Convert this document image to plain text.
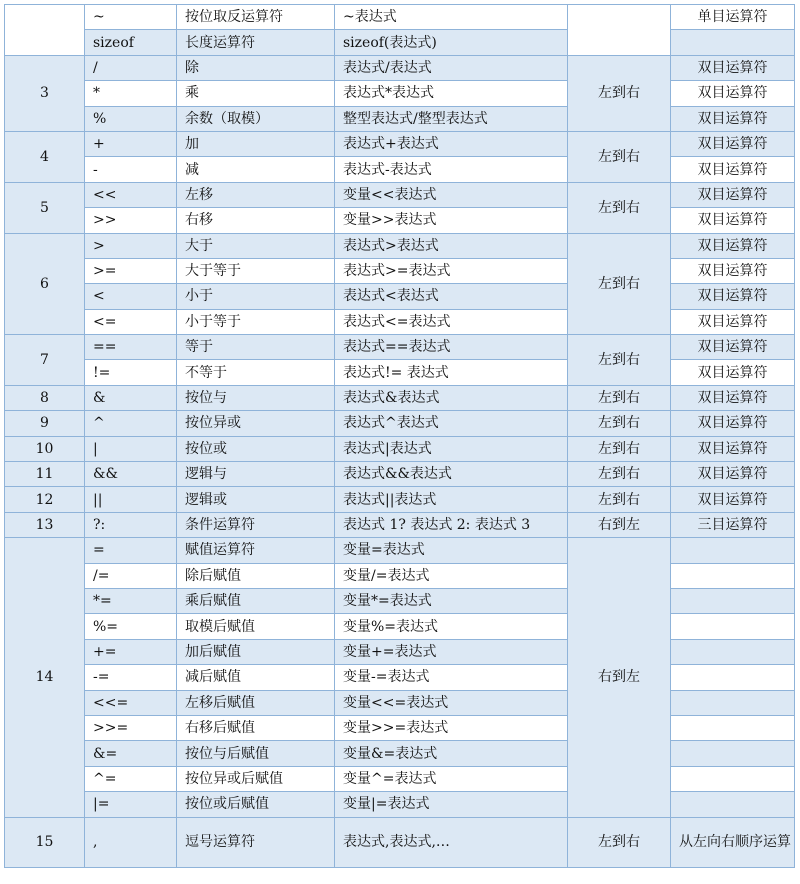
	~	按位取反运算符	~表达式		单目运算符
	sizeof	长度运算符	sizeof(表达式)		
3	/	除	表达式/表达式	左到右	双目运算符
	*	乘	表达式*表达式		双目运算符
	%	余数（取模）	整型表达式/整型表达式		双目运算符
4	+	加	表达式+表达式	左到右	双目运算符
	-	减	表达式-表达式		双目运算符
5	<<	左移	变量<<表达式	左到右	双目运算符
	>>	右移	变量>>表达式		双目运算符
6	>	大于	表达式>表达式	左到右	双目运算符
	>=	大于等于	表达式>=表达式		双目运算符
	<	小于	表达式<表达式		双目运算符
	<=	小于等于	表达式<=表达式		双目运算符
7	==	等于	表达式==表达式	左到右	双目运算符
	!=	不等于	表达式!= 表达式		双目运算符
8	&	按位与	表达式&表达式	左到右	双目运算符
9	^	按位异或	表达式^表达式	左到右	双目运算符
10	|	按位或	表达式|表达式	左到右	双目运算符
11	&&	逻辑与	表达式&&表达式	左到右	双目运算符
12	||	逻辑或	表达式||表达式	左到右	双目运算符
13	?:	条件运算符	表达式 1? 表达式 2: 表达式 3	右到左	三目运算符
14	=	赋值运算符	变量=表达式	右到左	
	/=	除后赋值	变量/=表达式		
	*=	乘后赋值	变量*=表达式		
	%=	取模后赋值	变量%=表达式		
	+=	加后赋值	变量+=表达式		
	-=	减后赋值	变量-=表达式		
	<<=	左移后赋值	变量<<=表达式		
	>>=	右移后赋值	变量>>=表达式		
	&=	按位与后赋值	变量&=表达式		
	^=	按位异或后赋值	变量^=表达式		
	|=	按位或后赋值	变量|=表达式		
15	,	逗号运算符	表达式,表达式,…	左到右	从左向右顺序运算
